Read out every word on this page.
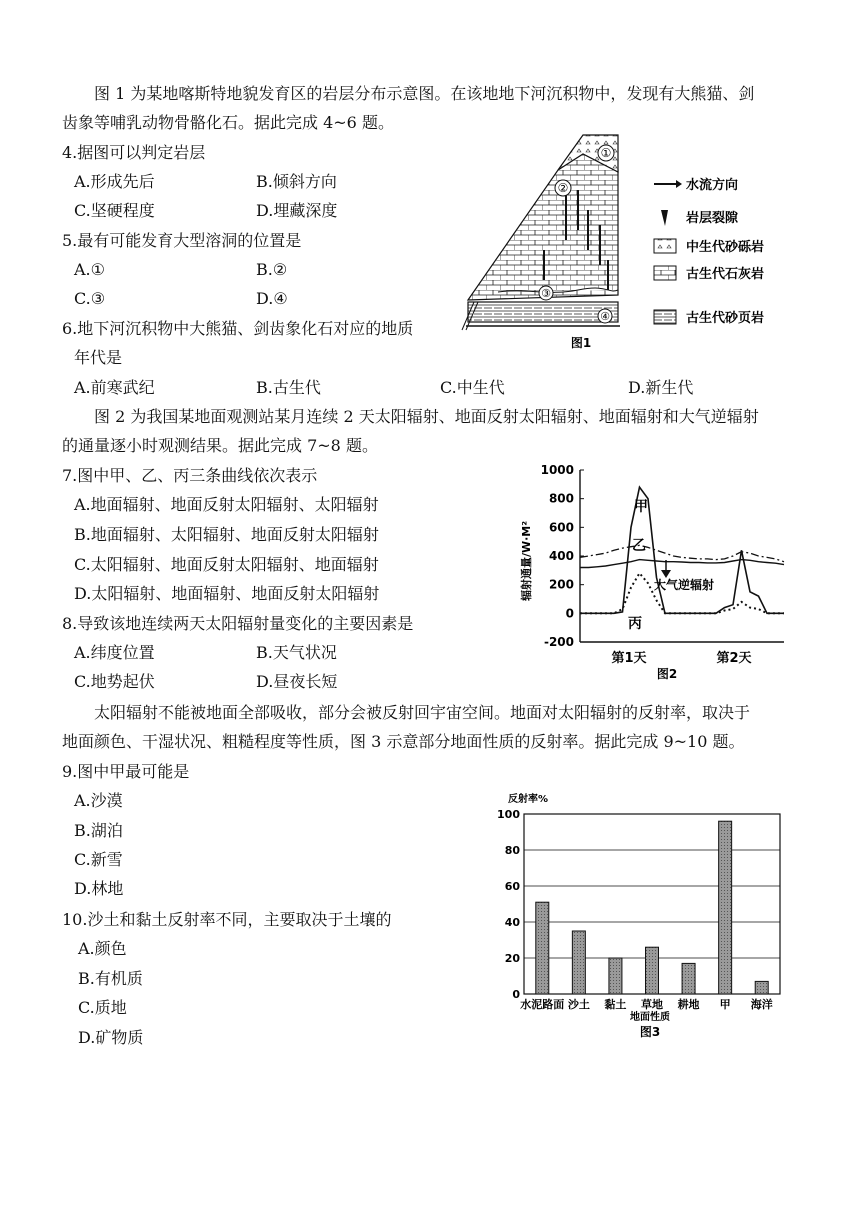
图 1 为某地喀斯特地貌发育区的岩层分布示意图。在该地地下河沉积物中，发现有大熊猫、剑
齿象等哺乳动物骨骼化石。据此完成 4~6 题。
4.据图可以判定岩层
A.形成先后	B.倾斜方向
C.坚硬程度	D.埋藏深度
5.最有可能发育大型溶洞的位置是
A.①	B.②
C.③	D.④
6.地下河沉积物中大熊猫、剑齿象化石对应的地质
年代是
A.前寒武纪	B.古生代	C.中生代	D.新生代
①
②
③
④
水流方向
岩层裂隙
中生代砂砾岩
古生代石灰岩
古生代砂页岩
图1
图 2 为我国某地面观测站某月连续 2 天太阳辐射、地面反射太阳辐射、地面辐射和大气逆辐射
的通量逐小时观测结果。据此完成 7~8 题。
7.图中甲、乙、丙三条曲线依次表示
A.地面辐射、地面反射太阳辐射、太阳辐射
B.地面辐射、太阳辐射、地面反射太阳辐射
C.太阳辐射、地面反射太阳辐射、地面辐射
D.太阳辐射、地面辐射、地面反射太阳辐射
8.导致该地连续两天太阳辐射量变化的主要因素是
A.纬度位置	B.天气状况
C.地势起伏	D.昼夜长短
1000
800
600
400
200
0
-200
辐射通量/W·M²
甲
乙
丙
大气逆辐射
第1天	第2天
图2
太阳辐射不能被地面全部吸收，部分会被反射回宇宙空间。地面对太阳辐射的反射率，取决于
地面颜色、干湿状况、粗糙程度等性质，图 3 示意部分地面性质的反射率。据此完成 9~10 题。
9.图中甲最可能是
A.沙漠
B.湖泊
C.新雪
D.林地
10.沙土和黏土反射率不同，主要取决于土壤的
A.颜色
B.有机质
C.质地
D.矿物质
反射率%
0
20
40
60
80
100
水泥路面 沙土 黏土 草地 耕地 甲 海洋
地面性质
图3
